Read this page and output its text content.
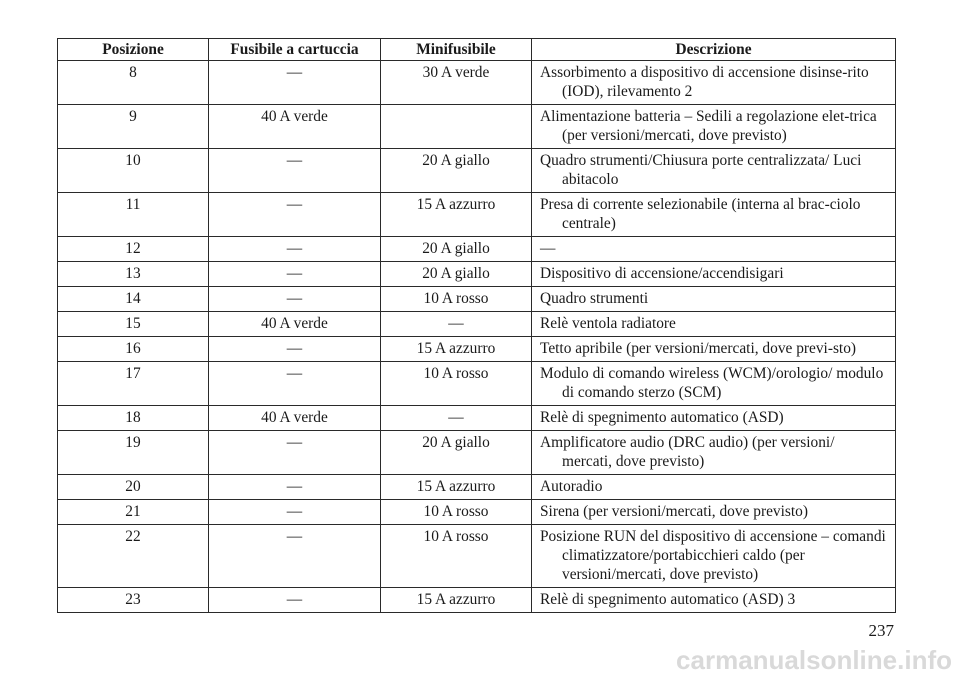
Posizione	Fusibile a cartuccia	Minifusibile	Descrizione
8	—	30 A verde	Assorbimento a dispositivo di accensione disinse-rito (IOD), rilevamento 2

9	40 A verde		Alimentazione batteria – Sedili a regolazione elet-trica (per versioni/mercati, dove previsto)

10	—	20 A giallo	Quadro strumenti/Chiusura porte centralizzata/ Luci abitacolo

11	—	15 A azzurro	Presa di corrente selezionabile (interna al brac-ciolo centrale)

12	—	20 A giallo	—

13	—	20 A giallo	Dispositivo di accensione/accendisigari

14	—	10 A rosso	Quadro strumenti

15	40 A verde	—	Relè ventola radiatore

16	—	15 A azzurro	Tetto apribile (per versioni/mercati, dove previ-sto)

17	—	10 A rosso	Modulo di comando wireless (WCM)/orologio/ modulo di comando sterzo (SCM)

18	40 A verde	—	Relè di spegnimento automatico (ASD)

19	—	20 A giallo	Amplificatore audio (DRC audio) (per versioni/ mercati, dove previsto)

20	—	15 A azzurro	Autoradio

21	—	10 A rosso	Sirena (per versioni/mercati, dove previsto)

22	—	10 A rosso	Posizione RUN del dispositivo di accensione – comandi climatizzatore/portabicchieri caldo (per versioni/mercati, dove previsto)

23	—	15 A azzurro	Relè di spegnimento automatico (ASD) 3
237
carmanualsonline.info
